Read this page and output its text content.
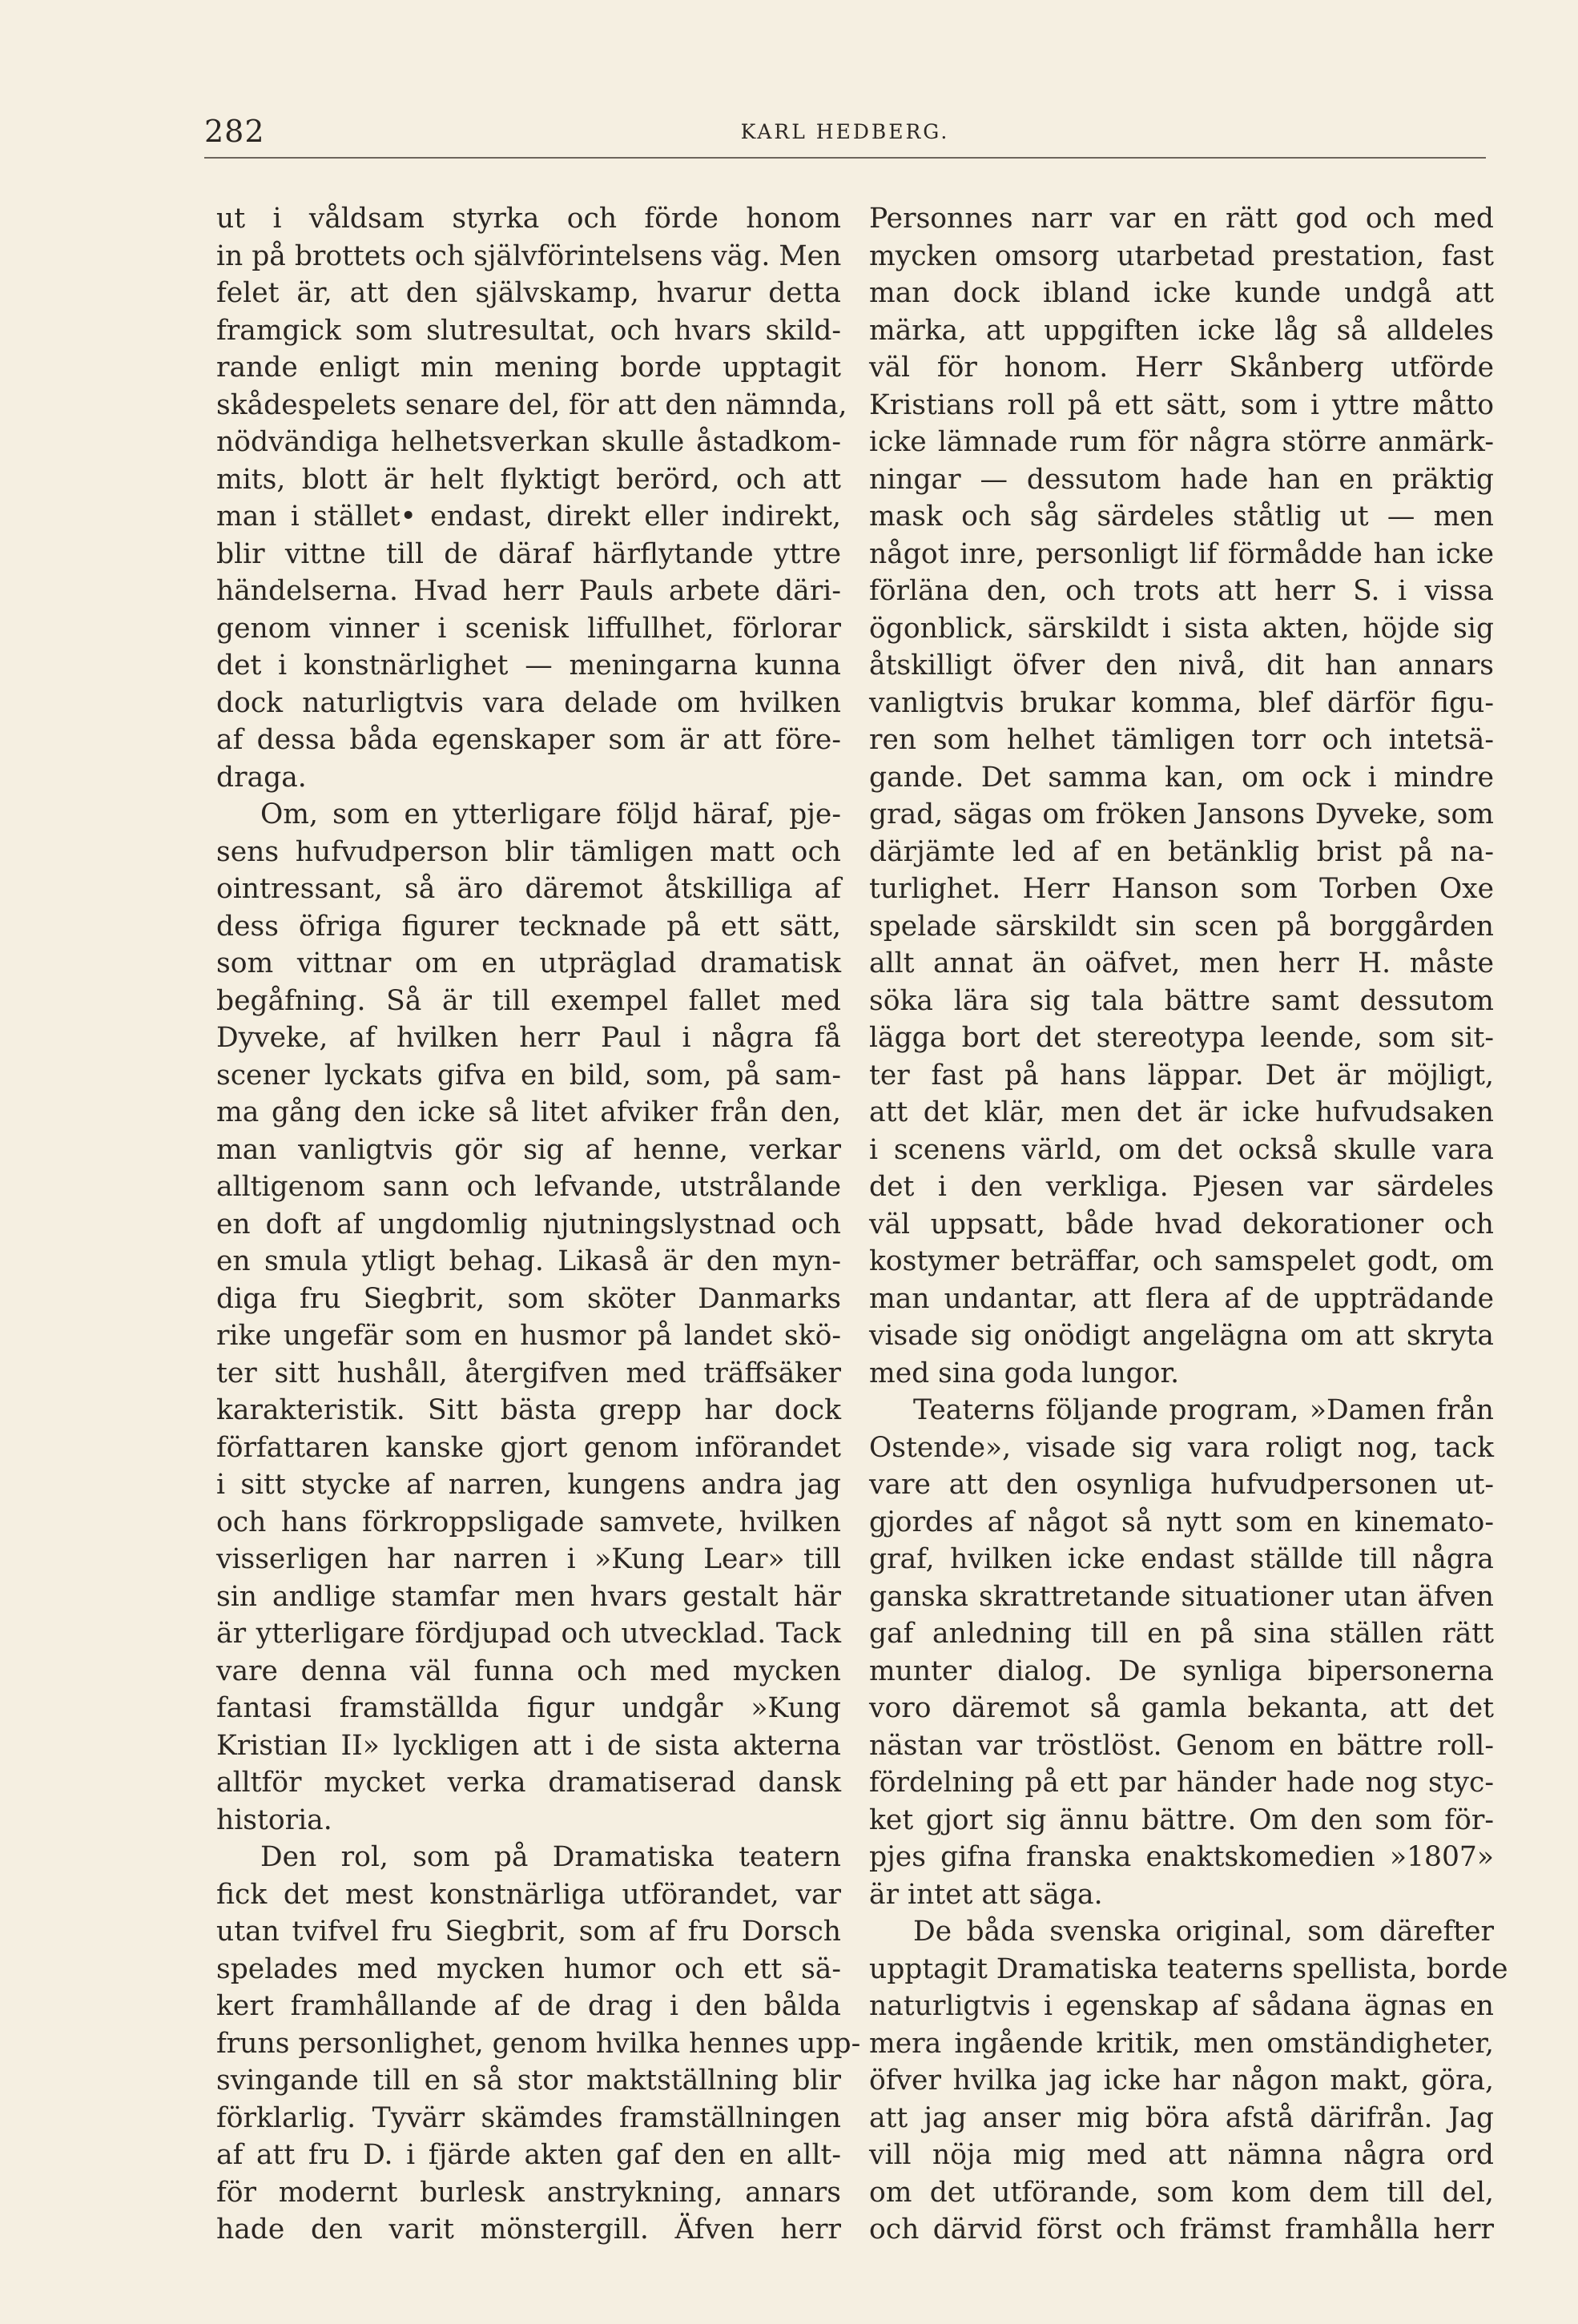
282	KARL HEDBERG.
ut i våldsam styrka och förde honom
in på brottets och självförintelsens väg. Men
felet är, att den självskamp, hvarur detta
framgick som slutresultat, och hvars skild-
rande enligt min mening borde upptagit
skådespelets senare del, för att den nämnda,
nödvändiga helhetsverkan skulle åstadkom-
mits, blott är helt flyktigt berörd, och att
man i stället• endast, direkt eller indirekt,
blir vittne till de däraf härflytande yttre
händelserna. Hvad herr Pauls arbete däri-
genom vinner i scenisk liffullhet, förlorar
det i konstnärlighet — meningarna kunna
dock naturligtvis vara delade om hvilken
af dessa båda egenskaper som är att före-
draga.
Om, som en ytterligare följd häraf, pje-
sens hufvudperson blir tämligen matt och
ointressant, så äro däremot åtskilliga af
dess öfriga figurer tecknade på ett sätt,
som vittnar om en utpräglad dramatisk
begåfning. Så är till exempel fallet med
Dyveke, af hvilken herr Paul i några få
scener lyckats gifva en bild, som, på sam-
ma gång den icke så litet afviker från den,
man vanligtvis gör sig af henne, verkar
alltigenom sann och lefvande, utstrålande
en doft af ungdomlig njutningslystnad och
en smula ytligt behag. Likaså är den myn-
diga fru Siegbrit, som sköter Danmarks
rike ungefär som en husmor på landet skö-
ter sitt hushåll, återgifven med träffsäker
karakteristik. Sitt bästa grepp har dock
författaren kanske gjort genom införandet
i sitt stycke af narren, kungens andra jag
och hans förkroppsligade samvete, hvilken
visserligen har narren i »Kung Lear» till
sin andlige stamfar men hvars gestalt här
är ytterligare fördjupad och utvecklad. Tack
vare denna väl funna och med mycken
fantasi framställda figur undgår »Kung
Kristian II» lyckligen att i de sista akterna
alltför mycket verka dramatiserad dansk
historia.
Den rol, som på Dramatiska teatern
fick det mest konstnärliga utförandet, var
utan tvifvel fru Siegbrit, som af fru Dorsch
spelades med mycken humor och ett sä-
kert framhållande af de drag i den bålda
fruns personlighet, genom hvilka hennes upp-
svingande till en så stor maktställning blir
förklarlig. Tyvärr skämdes framställningen
af att fru D. i fjärde akten gaf den en allt-
för modernt burlesk anstrykning, annars
hade den varit mönstergill. Äfven herr
Personnes narr var en rätt god och med
mycken omsorg utarbetad prestation, fast
man dock ibland icke kunde undgå att
märka, att uppgiften icke låg så alldeles
väl för honom. Herr Skånberg utförde
Kristians roll på ett sätt, som i yttre måtto
icke lämnade rum för några större anmärk-
ningar — dessutom hade han en präktig
mask och såg särdeles ståtlig ut — men
något inre, personligt lif förmådde han icke
förläna den, och trots att herr S. i vissa
ögonblick, särskildt i sista akten, höjde sig
åtskilligt öfver den nivå, dit han annars
vanligtvis brukar komma, blef därför figu-
ren som helhet tämligen torr och intetsä-
gande. Det samma kan, om ock i mindre
grad, sägas om fröken Jansons Dyveke, som
därjämte led af en betänklig brist på na-
turlighet. Herr Hanson som Torben Oxe
spelade särskildt sin scen på borggården
allt annat än oäfvet, men herr H. måste
söka lära sig tala bättre samt dessutom
lägga bort det stereotypa leende, som sit-
ter fast på hans läppar. Det är möjligt,
att det klär, men det är icke hufvudsaken
i scenens värld, om det också skulle vara
det i den verkliga. Pjesen var särdeles
väl uppsatt, både hvad dekorationer och
kostymer beträffar, och samspelet godt, om
man undantar, att flera af de uppträdande
visade sig onödigt angelägna om att skryta
med sina goda lungor.
Teaterns följande program, »Damen från
Ostende», visade sig vara roligt nog, tack
vare att den osynliga hufvudpersonen ut-
gjordes af något så nytt som en kinemato-
graf, hvilken icke endast ställde till några
ganska skrattretande situationer utan äfven
gaf anledning till en på sina ställen rätt
munter dialog. De synliga bipersonerna
voro däremot så gamla bekanta, att det
nästan var tröstlöst. Genom en bättre roll-
fördelning på ett par händer hade nog styc-
ket gjort sig ännu bättre. Om den som för-
pjes gifna franska enaktskomedien »1807»
är intet att säga.
De båda svenska original, som därefter
upptagit Dramatiska teaterns spellista, borde
naturligtvis i egenskap af sådana ägnas en
mera ingående kritik, men omständigheter,
öfver hvilka jag icke har någon makt, göra,
att jag anser mig böra afstå därifrån. Jag
vill nöja mig med att nämna några ord
om det utförande, som kom dem till del,
och därvid först och främst framhålla herr
